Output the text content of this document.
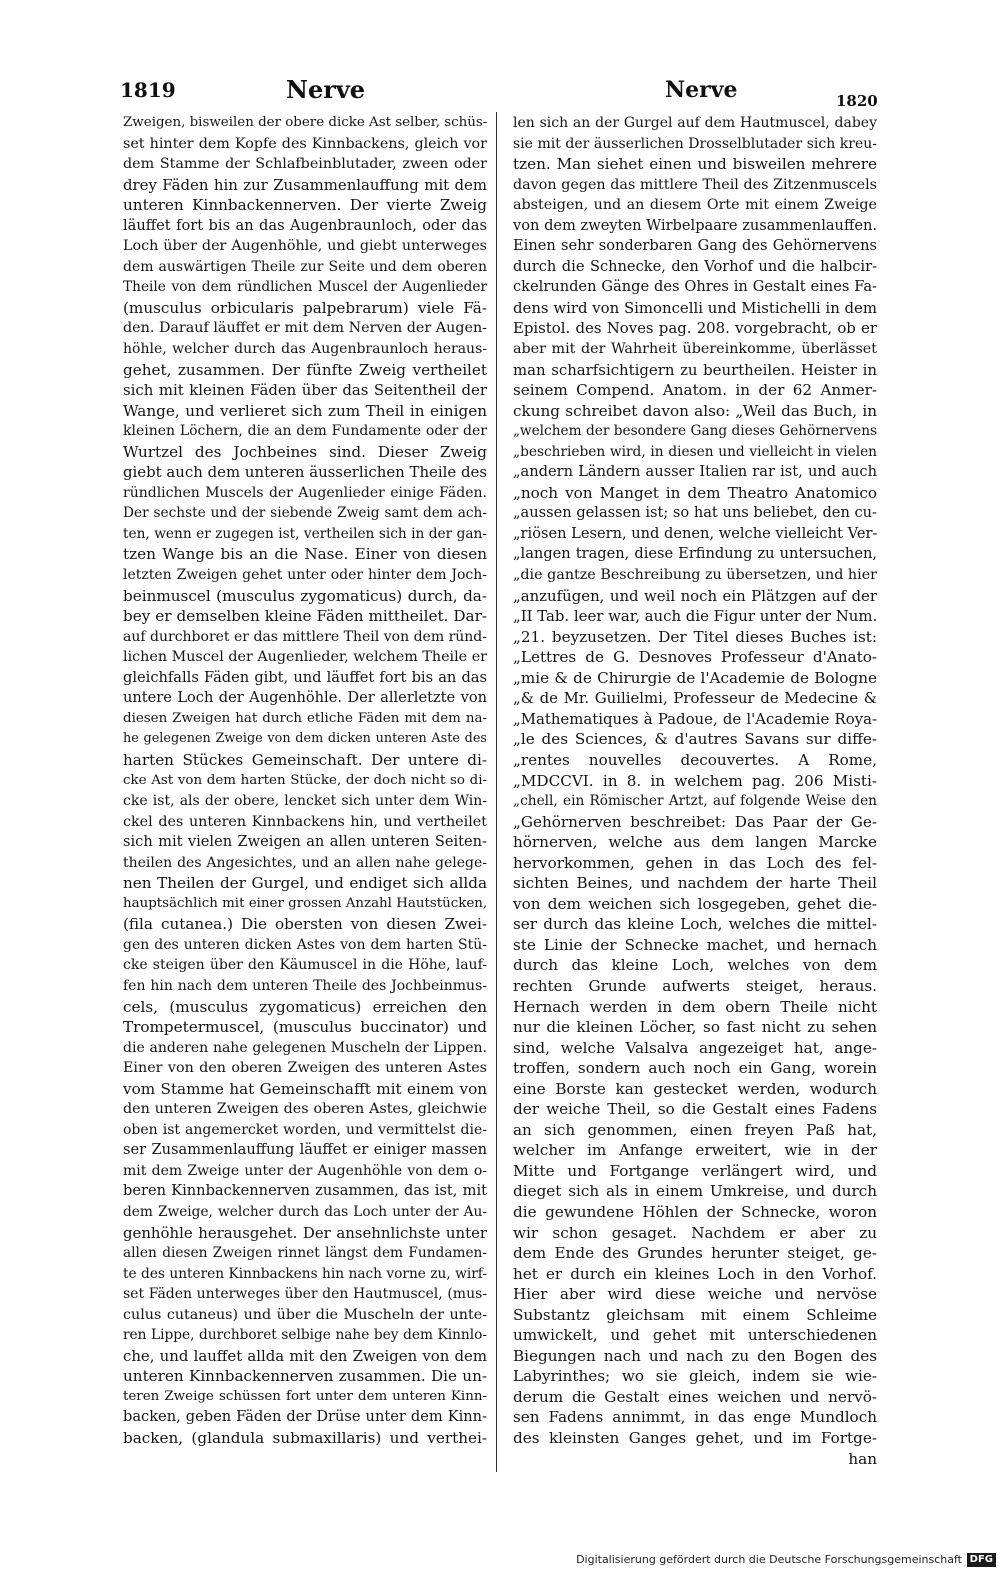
1819	Nerve	Nerve	1820
Zweigen, bisweilen der obere dicke Ast selber, schüs-
set hinter dem Kopfe des Kinnbackens, gleich vor
dem Stamme der Schlafbeinblutader, zween oder
drey Fäden hin zur Zusammenlauffung mit dem
unteren Kinnbackennerven. Der vierte Zweig
läuffet fort bis an das Augenbraunloch, oder das
Loch über der Augenhöhle, und giebt unterweges
dem auswärtigen Theile zur Seite und dem oberen
Theile von dem ründlichen Muscel der Augenlieder
(musculus orbicularis palpebrarum) viele Fä-
den. Darauf läuffet er mit dem Nerven der Augen-
höhle, welcher durch das Augenbraunloch heraus-
gehet, zusammen. Der fünfte Zweig vertheilet
sich mit kleinen Fäden über das Seitentheil der
Wange, und verlieret sich zum Theil in einigen
kleinen Löchern, die an dem Fundamente oder der
Wurtzel des Jochbeines sind. Dieser Zweig
giebt auch dem unteren äusserlichen Theile des
ründlichen Muscels der Augenlieder einige Fäden.
Der sechste und der siebende Zweig samt dem ach-
ten, wenn er zugegen ist, vertheilen sich in der gan-
tzen Wange bis an die Nase. Einer von diesen
letzten Zweigen gehet unter oder hinter dem Joch-
beinmuscel (musculus zygomaticus) durch, da-
bey er demselben kleine Fäden mittheilet. Dar-
auf durchboret er das mittlere Theil von dem ründ-
lichen Muscel der Augenlieder, welchem Theile er
gleichfalls Fäden gibt, und läuffet fort bis an das
untere Loch der Augenhöhle. Der allerletzte von
diesen Zweigen hat durch etliche Fäden mit dem na-
he gelegenen Zweige von dem dicken unteren Aste des
harten Stückes Gemeinschaft. Der untere di-
cke Ast von dem harten Stücke, der doch nicht so di-
cke ist, als der obere, lencket sich unter dem Win-
ckel des unteren Kinnbackens hin, und vertheilet
sich mit vielen Zweigen an allen unteren Seiten-
theilen des Angesichtes, und an allen nahe gelege-
nen Theilen der Gurgel, und endiget sich allda
hauptsächlich mit einer grossen Anzahl Hautstücken,
(fila cutanea.) Die obersten von diesen Zwei-
gen des unteren dicken Astes von dem harten Stü-
cke steigen über den Käumuscel in die Höhe, lauf-
fen hin nach dem unteren Theile des Jochbeinmus-
cels, (musculus zygomaticus) erreichen den
Trompetermuscel, (musculus buccinator) und
die anderen nahe gelegenen Muscheln der Lippen.
Einer von den oberen Zweigen des unteren Astes
vom Stamme hat Gemeinschafft mit einem von
den unteren Zweigen des oberen Astes, gleichwie
oben ist angemercket worden, und vermittelst die-
ser Zusammenlauffung läuffet er einiger massen
mit dem Zweige unter der Augenhöhle von dem o-
beren Kinnbackennerven zusammen, das ist, mit
dem Zweige, welcher durch das Loch unter der Au-
genhöhle herausgehet. Der ansehnlichste unter
allen diesen Zweigen rinnet längst dem Fundamen-
te des unteren Kinnbackens hin nach vorne zu, wirf-
set Fäden unterweges über den Hautmuscel, (mus-
culus cutaneus) und über die Muscheln der unte-
ren Lippe, durchboret selbige nahe bey dem Kinnlo-
che, und lauffet allda mit den Zweigen von dem
unteren Kinnbackennerven zusammen. Die un-
teren Zweige schüssen fort unter dem unteren Kinn-
backen, geben Fäden der Drüse unter dem Kinn-
backen, (glandula submaxillaris) und verthei-
len sich an der Gurgel auf dem Hautmuscel, dabey
sie mit der äusserlichen Drosselblutader sich kreu-
tzen. Man siehet einen und bisweilen mehrere
davon gegen das mittlere Theil des Zitzenmuscels
absteigen, und an diesem Orte mit einem Zweige
von dem zweyten Wirbelpaare zusammenlauffen.
Einen sehr sonderbaren Gang des Gehörnervens
durch die Schnecke, den Vorhof und die halbcir-
ckelrunden Gänge des Ohres in Gestalt eines Fa-
dens wird von Simoncelli und Mistichelli in dem
Epistol. des Noves pag. 208. vorgebracht, ob er
aber mit der Wahrheit übereinkomme, überlässet
man scharfsichtigern zu beurtheilen. Heister in
seinem Compend. Anatom. in der 62 Anmer-
ckung schreibet davon also: „Weil das Buch, in
„welchem der besondere Gang dieses Gehörnervens
„beschrieben wird, in diesen und vielleicht in vielen
„andern Ländern ausser Italien rar ist, und auch
„noch von Manget in dem Theatro Anatomico
„aussen gelassen ist; so hat uns beliebet, den cu-
„riösen Lesern, und denen, welche vielleicht Ver-
„langen tragen, diese Erfindung zu untersuchen,
„die gantze Beschreibung zu übersetzen, und hier
„anzufügen, und weil noch ein Plätzgen auf der
„II Tab. leer war, auch die Figur unter der Num.
„21. beyzusetzen. Der Titel dieses Buches ist:
„Lettres de G. Desnoves Professeur d'Anato-
„mie & de Chirurgie de l'Academie de Bologne
„& de Mr. Guilielmi, Professeur de Medecine &
„Mathematiques à Padoue, de l'Academie Roya-
„le des Sciences, & d'autres Savans sur diffe-
„rentes nouvelles decouvertes. A Rome,
„MDCCVI. in 8. in welchem pag. 206 Misti-
„chell, ein Römischer Artzt, auf folgende Weise den
„Gehörnerven beschreibet: Das Paar der Ge-
hörnerven, welche aus dem langen Marcke
hervorkommen, gehen in das Loch des fel-
sichten Beines, und nachdem der harte Theil
von dem weichen sich losgegeben, gehet die-
ser durch das kleine Loch, welches die mittel-
ste Linie der Schnecke machet, und hernach
durch das kleine Loch, welches von dem
rechten Grunde aufwerts steiget, heraus.
Hernach werden in dem obern Theile nicht
nur die kleinen Löcher, so fast nicht zu sehen
sind, welche Valsalva angezeiget hat, ange-
troffen, sondern auch noch ein Gang, worein
eine Borste kan gestecket werden, wodurch
der weiche Theil, so die Gestalt eines Fadens
an sich genommen, einen freyen Paß hat,
welcher im Anfange erweitert, wie in der
Mitte und Fortgange verlängert wird, und
dieget sich als in einem Umkreise, und durch
die gewundene Höhlen der Schnecke, woron
wir schon gesaget. Nachdem er aber zu
dem Ende des Grundes herunter steiget, ge-
het er durch ein kleines Loch in den Vorhof.
Hier aber wird diese weiche und nervöse
Substantz gleichsam mit einem Schleime
umwickelt, und gehet mit unterschiedenen
Biegungen nach und nach zu den Bogen des
Labyrinthes; wo sie gleich, indem sie wie-
derum die Gestalt eines weichen und nervö-
sen Fadens annimmt, in das enge Mundloch
des kleinsten Ganges gehet, und im Fortge-
han
Digitalisierung gefördert durch die Deutsche Forschungsgemeinschaft DFG
